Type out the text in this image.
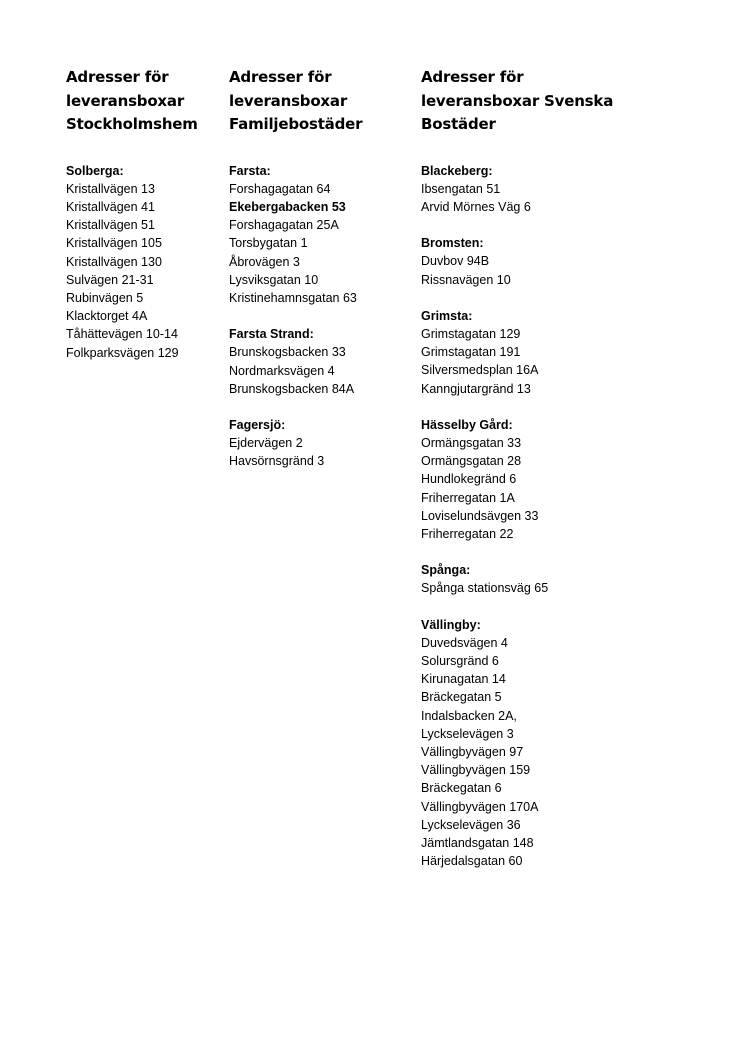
Adresser för
leveransboxar
Stockholmshem
Solberga:
Kristallvägen 13
Kristallvägen 41
Kristallvägen 51
Kristallvägen 105
Kristallvägen 130
Sulvägen 21-31
Rubinvägen 5
Klacktorget 4A
Tåhättevägen 10-14
Folkparksvägen 129
Adresser för
leveransboxar
Familjebostäder
Farsta:
Forshagagatan 64
Ekebergabacken 53
Forshagagatan 25A
Torsbygatan 1
Åbrovägen 3
Lysviksgatan 10
Kristinehamnsgatan 63
Farsta Strand:
Brunskogsbacken 33
Nordmarksvägen 4
Brunskogsbacken 84A
Fagersjö:
Ejdervägen 2
Havsörnsgränd 3
Adresser för
leveransboxar Svenska
Bostäder
Blackeberg:
Ibsengatan 51
Arvid Mörnes Väg 6
Bromsten:
Duvbov 94B
Rissnavägen 10
Grimsta:
Grimstagatan 129
Grimstagatan 191
Silversmedsplan 16A
Kanngjutargränd 13
Hässelby Gård:
Ormängsgatan 33
Ormängsgatan 28
Hundlokegränd 6
Friherregatan 1A
Loviselundsävgen 33
Friherregatan 22
Spånga:
Spånga stationsväg 65
Vällingby:
Duvedsvägen 4
Solursgränd 6
Kirunagatan 14
Bräckegatan 5
Indalsbacken 2A,
Lyckselevägen 3
Vällingbyvägen 97
Vällingbyvägen 159
Bräckegatan 6
Vällingbyvägen 170A
Lyckselevägen 36
Jämtlandsgatan 148
Härjedalsgatan 60
